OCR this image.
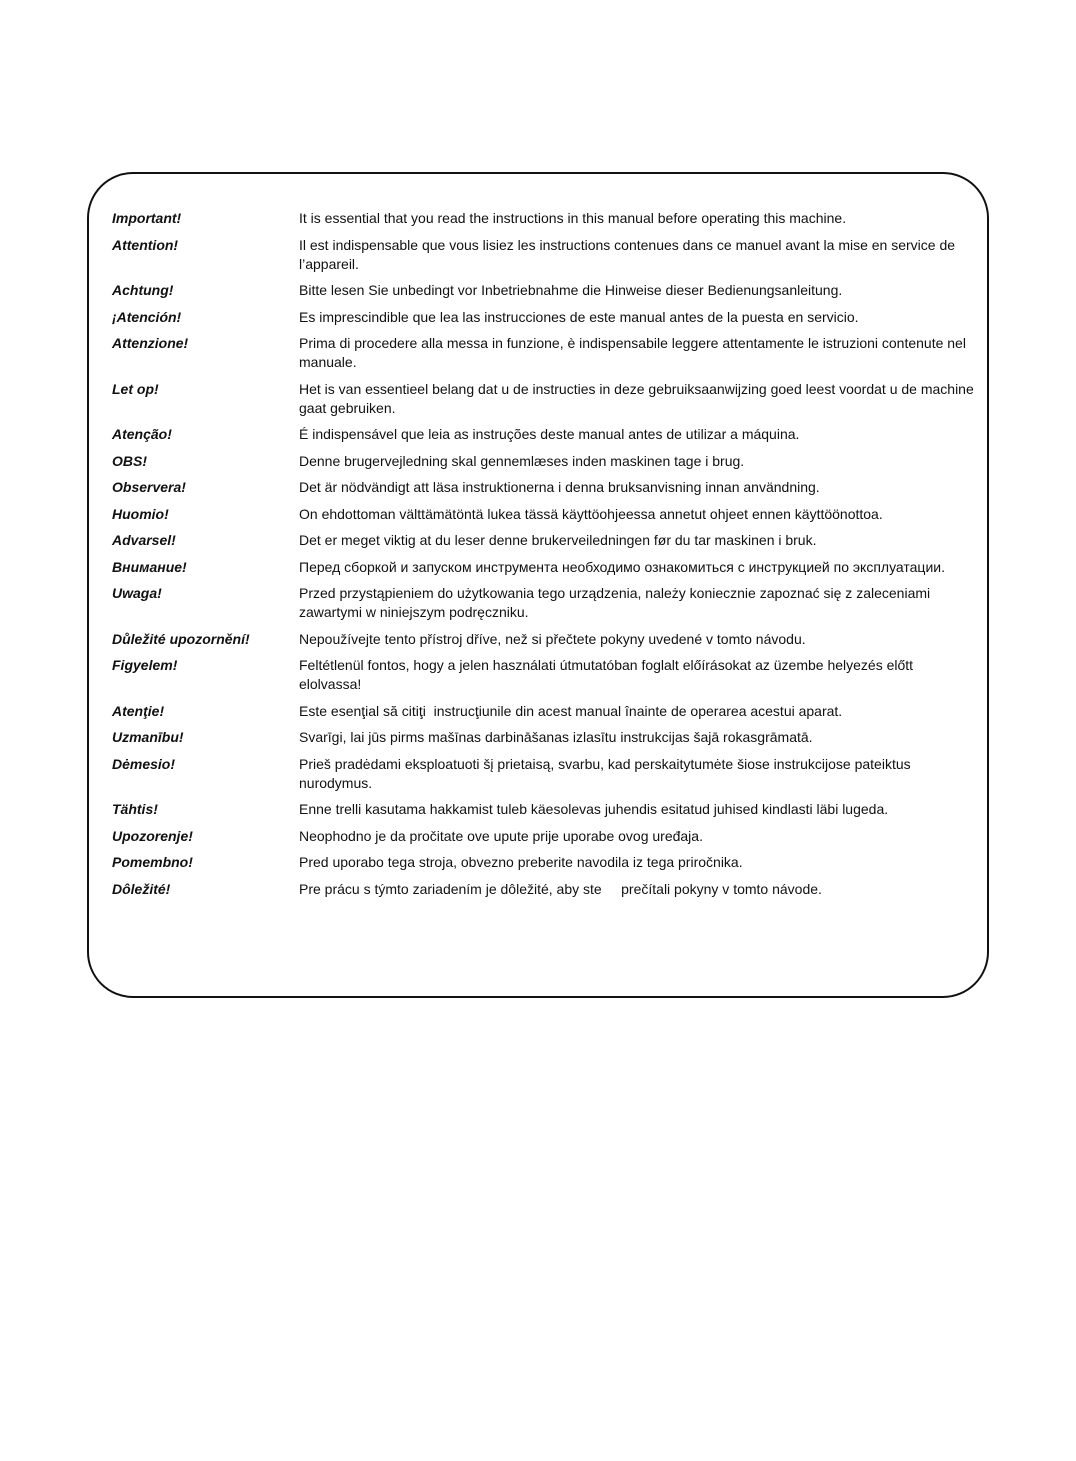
Important!	It is essential that you read the instructions in this manual before operating this machine.
Attention!	Il est indispensable que vous lisiez les instructions contenues dans ce manuel avant la mise en service de l’appareil.
Achtung!	Bitte lesen Sie unbedingt vor Inbetriebnahme die Hinweise dieser Bedienungsanleitung.
¡Atención!	Es imprescindible que lea las instrucciones de este manual antes de la puesta en servicio.
Attenzione!	Prima di procedere alla messa in funzione, è indispensabile leggere attentamente le istruzioni contenute nel manuale.
Let op!	Het is van essentieel belang dat u de instructies in deze gebruiksaanwijzing goed leest voordat u de machine gaat gebruiken.
Atenção!	É indispensável que leia as instruções deste manual antes de utilizar a máquina.
OBS!	Denne brugervejledning skal gennemlæses inden maskinen tage i brug.
Observera!	Det är nödvändigt att läsa instruktionerna i denna bruksanvisning innan användning.
Huomio!	On ehdottoman välttämätöntä lukea tässä käyttöohjeessa annetut ohjeet ennen käyttöönottoa.
Advarsel!	Det er meget viktig at du leser denne brukerveiledningen før du tar maskinen i bruk.
Внимание!	Перед сборкой и запуском инструмента необходимо ознакомиться с инструкцией по эксплуатации.
Uwaga!	Przed przystąpieniem do użytkowania tego urządzenia, należy koniecznie zapoznać się z zaleceniami zawartymi w niniejszym podręczniku.
Důležité upozornění!	Nepoužívejte tento přístroj dříve, než si přečtete pokyny uvedené v tomto návodu.
Figyelem!	Feltétlenül fontos, hogy a jelen használati útmutatóban foglalt előírásokat az üzembe helyezés előtt elolvassa!
Atenţie!	Este esenţial să citiţi  instrucţiunile din acest manual înainte de operarea acestui aparat.
Uzmanību!	Svarīgi, lai jūs pirms mašīnas darbināšanas izlasītu instrukcijas šajā rokasgrāmatā.
Dėmesio!	Prieš pradėdami eksploatuoti šį prietaisą, svarbu, kad perskaitytumėte šiose instrukcijose pateiktus nurodymus.
Tähtis!	Enne trelli kasutama hakkamist tuleb käesolevas juhendis esitatud juhised kindlasti läbi lugeda.
Upozorenje!	Neophodno je da pročitate ove upute prije uporabe ovog uređaja.
Pomembno!	Pred uporabo tega stroja, obvezno preberite navodila iz tega priročnika.
Dôležité!	Pre prácu s týmto zariadením je dôležité, aby ste     prečítali pokyny v tomto návode.
